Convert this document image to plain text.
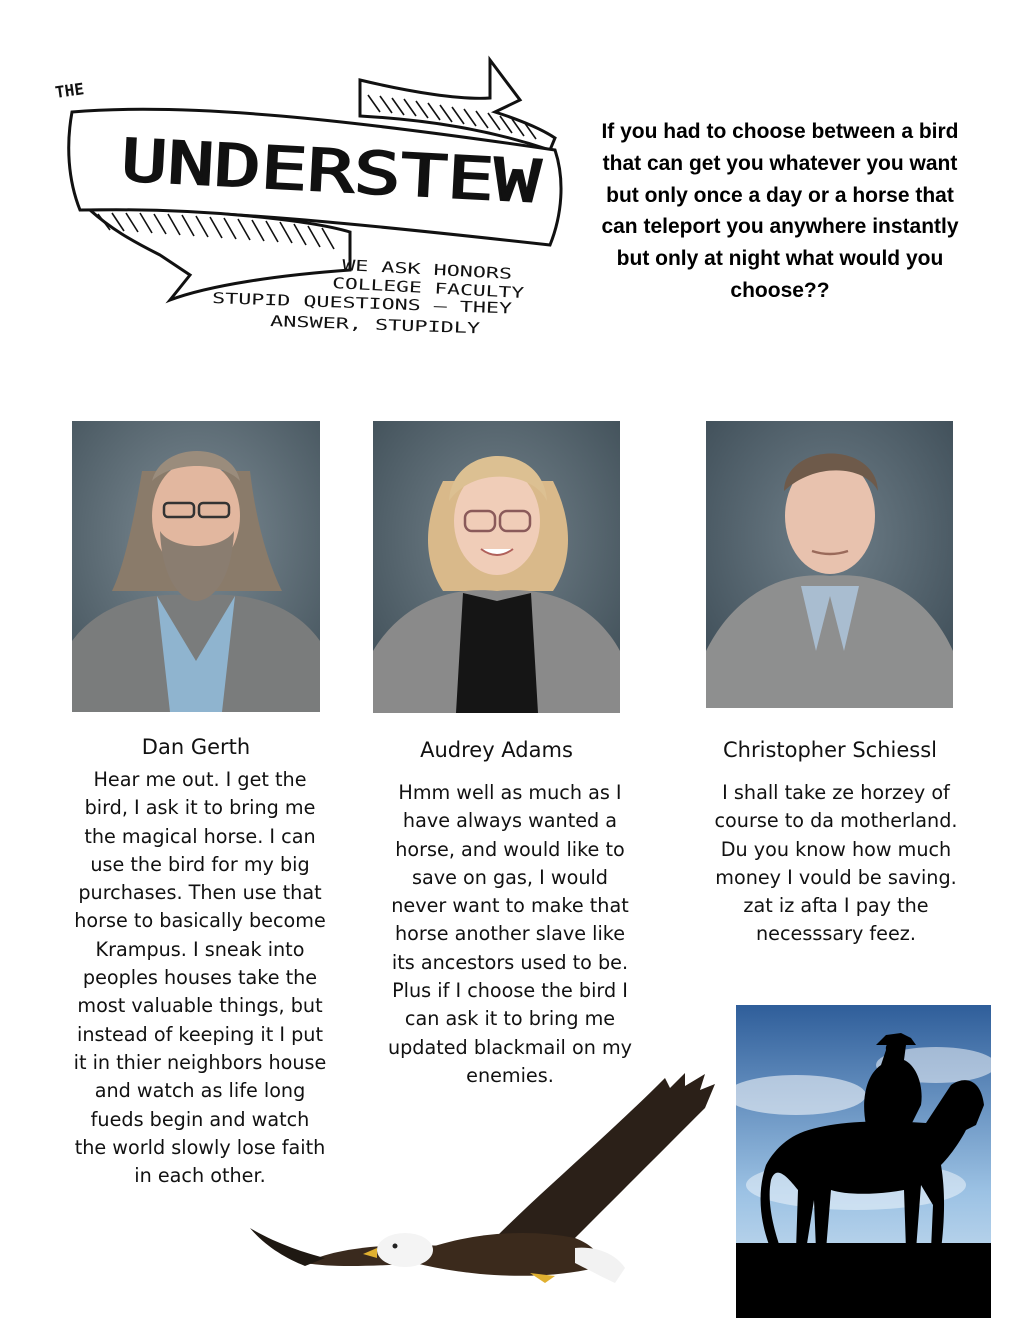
THE
UNDERSTEW
WE ASK HONORS
COLLEGE FACULTY
STUPID QUESTIONS – THEY
ANSWER, STUPIDLY
If you had to choose between a bird that can get you whatever you want but only once a day or a horse that can teleport you anywhere instantly but only at night what would you choose??
Dan Gerth	Audrey Adams	Christopher Schiessl
Hear me out. I get the bird, I ask it to bring me the magical horse. I can use the bird for my big purchases. Then use that horse to basically become Krampus. I sneak into peoples houses take the most valuable things, but instead of keeping it I put it in thier neighbors house and watch as life long fueds begin and watch the world slowly lose faith in each other.
Hmm well as much as I have always wanted a horse, and would like to save on gas, I would never want to make that horse another slave like its ancestors used to be. Plus if I choose the bird I can ask it to bring me updated blackmail on my enemies.
I shall take ze horzey of course to da motherland. Du you know how much money I vould be saving. zat iz afta I pay the necesssary feez.
